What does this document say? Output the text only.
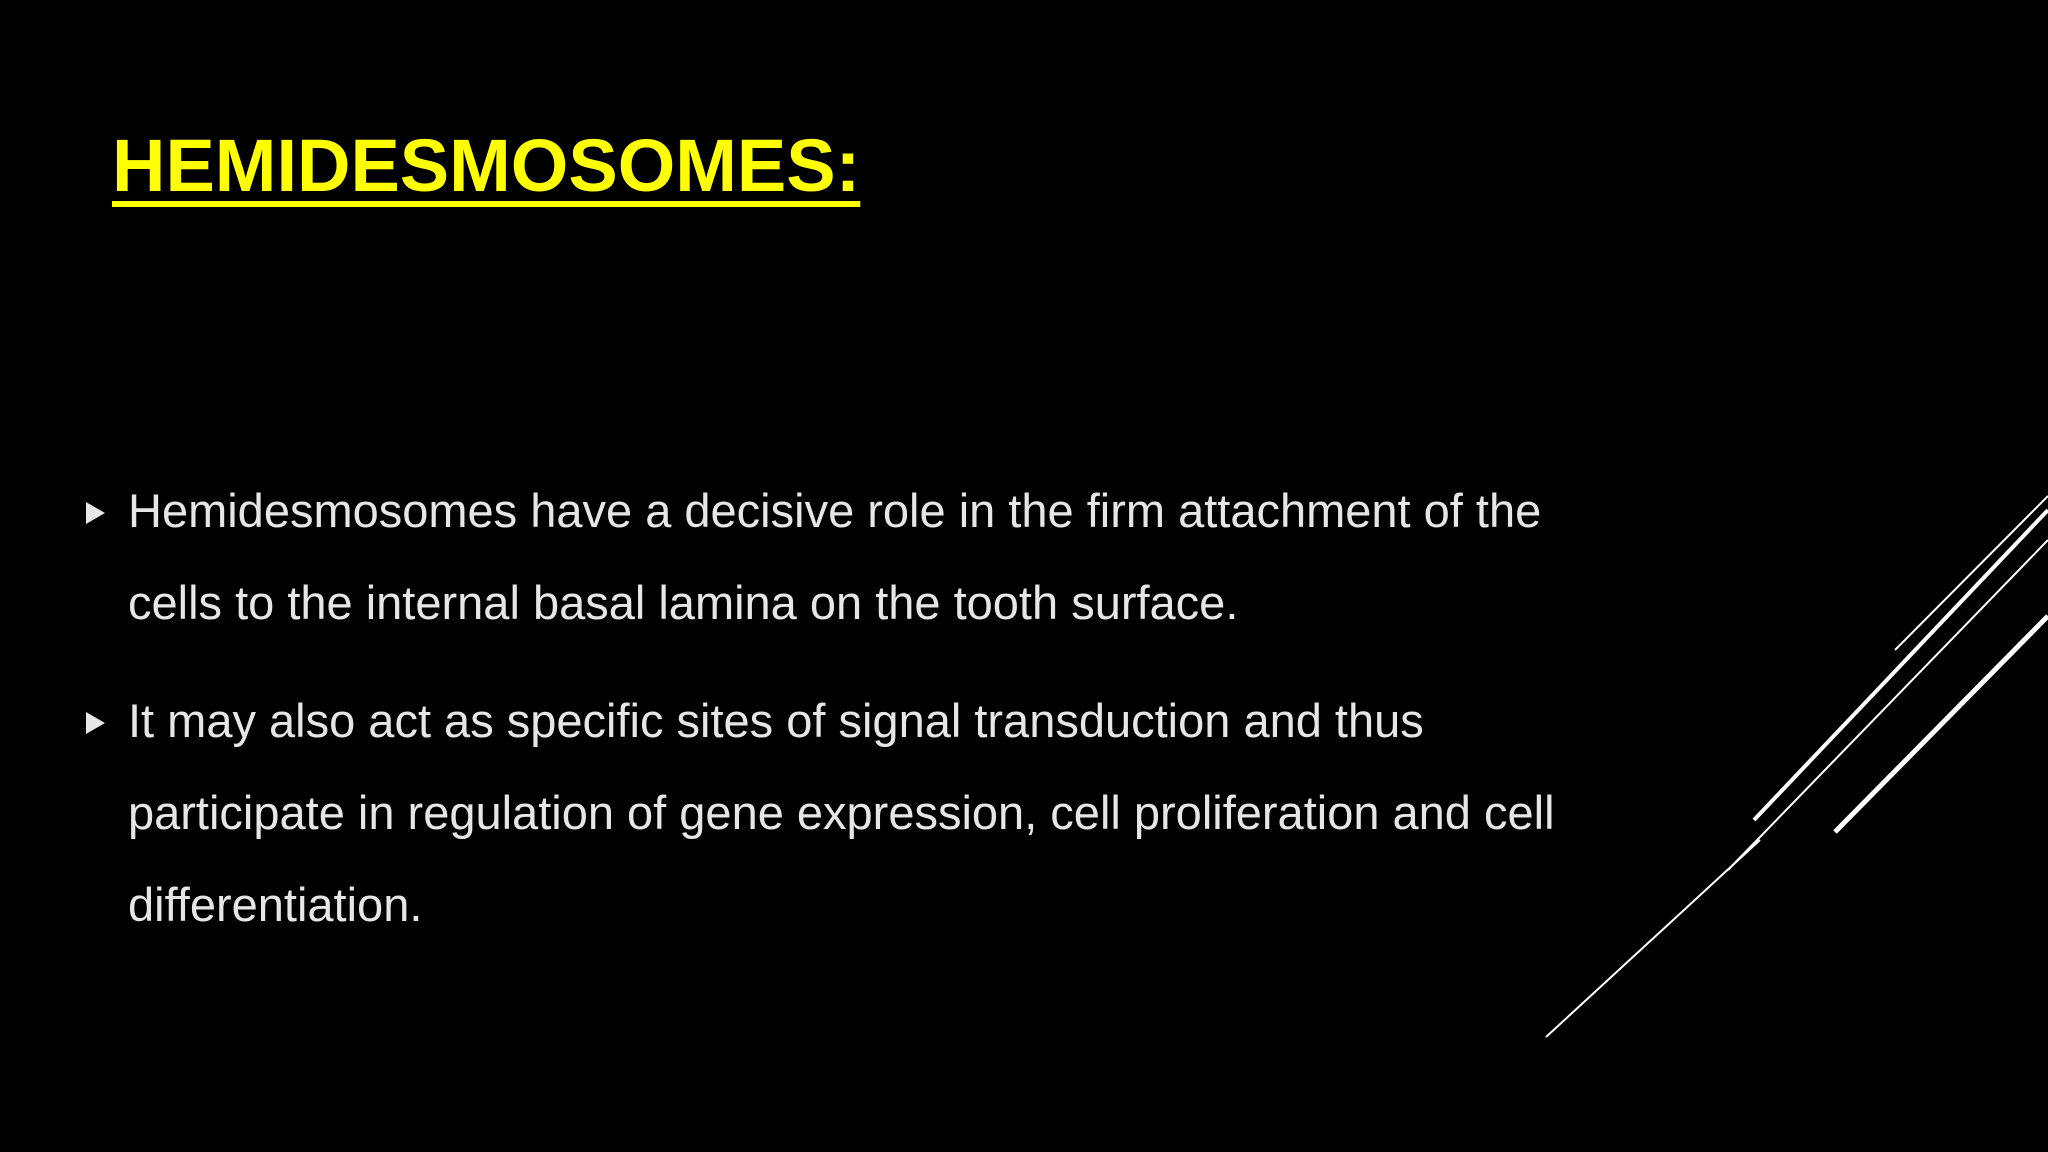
HEMIDESMOSOMES:
Hemidesmosomes have a decisive role in the firm attachment of the cells to the internal basal lamina on the tooth surface.
It may also act as specific sites of signal transduction and thus participate in regulation of gene expression, cell proliferation and cell differentiation.
